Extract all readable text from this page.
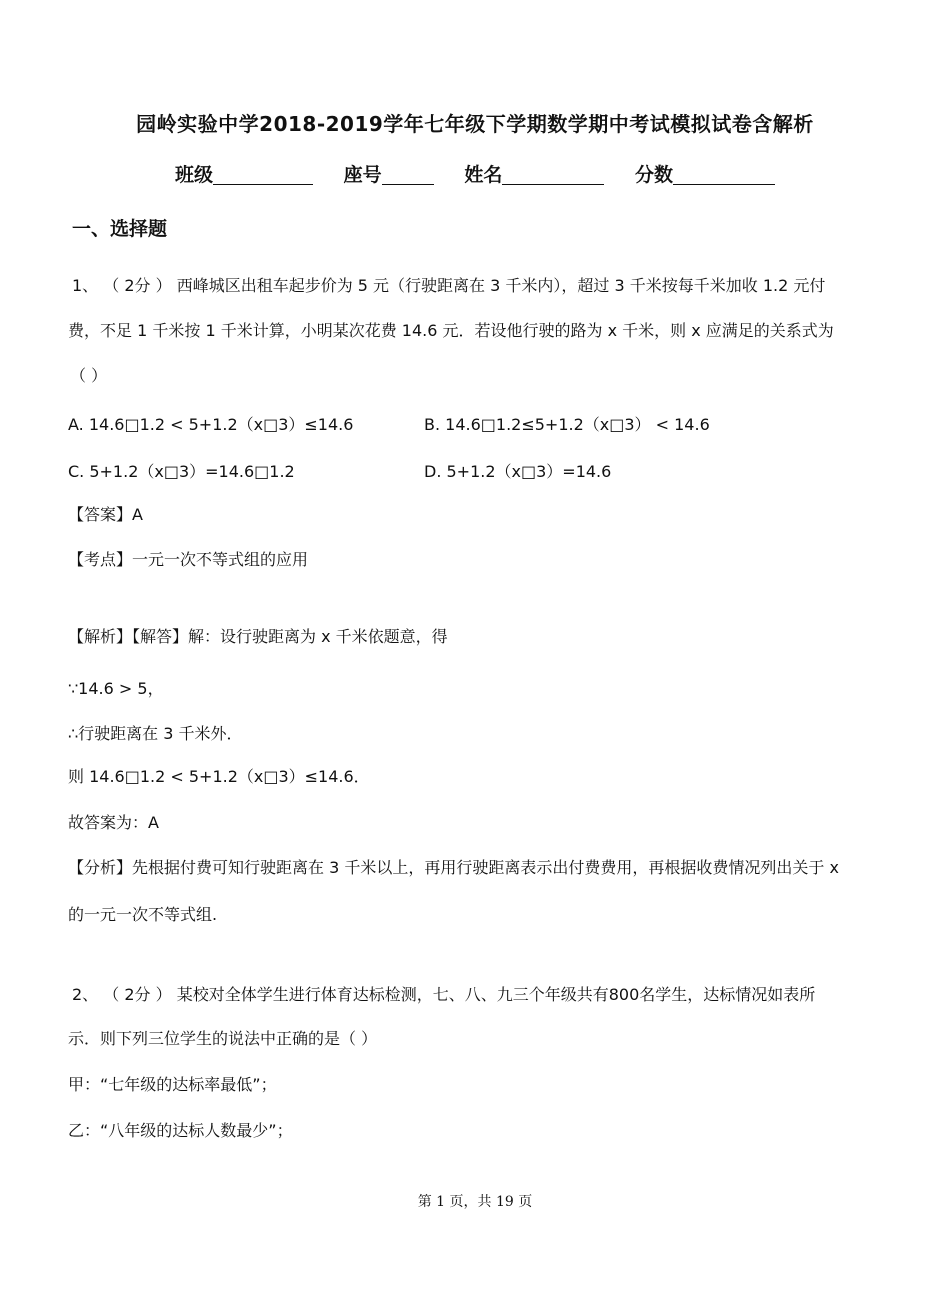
园岭实验中学2018-2019学年七年级下学期数学期中考试模拟试卷含解析
班级	座号	姓名	分数
一、选择题
1、 （ 2分 ） 西峰城区出租车起步价为 5 元（行驶距离在 3 千米内），超过 3 千米按每千米加收 1.2 元付
费，不足 1 千米按 1 千米计算，小明某次花费 14.6 元．若设他行驶的路为 x 千米，则 x 应满足的关系式为
（ ）
A. 14.6□1.2 < 5+1.2（x□3）≤14.6	B. 14.6□1.2≤5+1.2（x□3） < 14.6
C. 5+1.2（x□3）=14.6□1.2	D. 5+1.2（x□3）=14.6
【答案】A
【考点】一元一次不等式组的应用
【解析】【解答】解：设行驶距离为 x 千米依题意，得
∵14.6 > 5，
∴行驶距离在 3 千米外．
则 14.6□1.2 < 5+1.2（x□3）≤14.6．
故答案为：A
【分析】先根据付费可知行驶距离在 3 千米以上，再用行驶距离表示出付费费用，再根据收费情况列出关于 x
的一元一次不等式组.
2、 （ 2分 ） 某校对全体学生进行体育达标检测，七、八、九三个年级共有800名学生，达标情况如表所
示．则下列三位学生的说法中正确的是（ ）
甲：“七年级的达标率最低”；
乙：“八年级的达标人数最少”；
第 1 页，共 19 页
